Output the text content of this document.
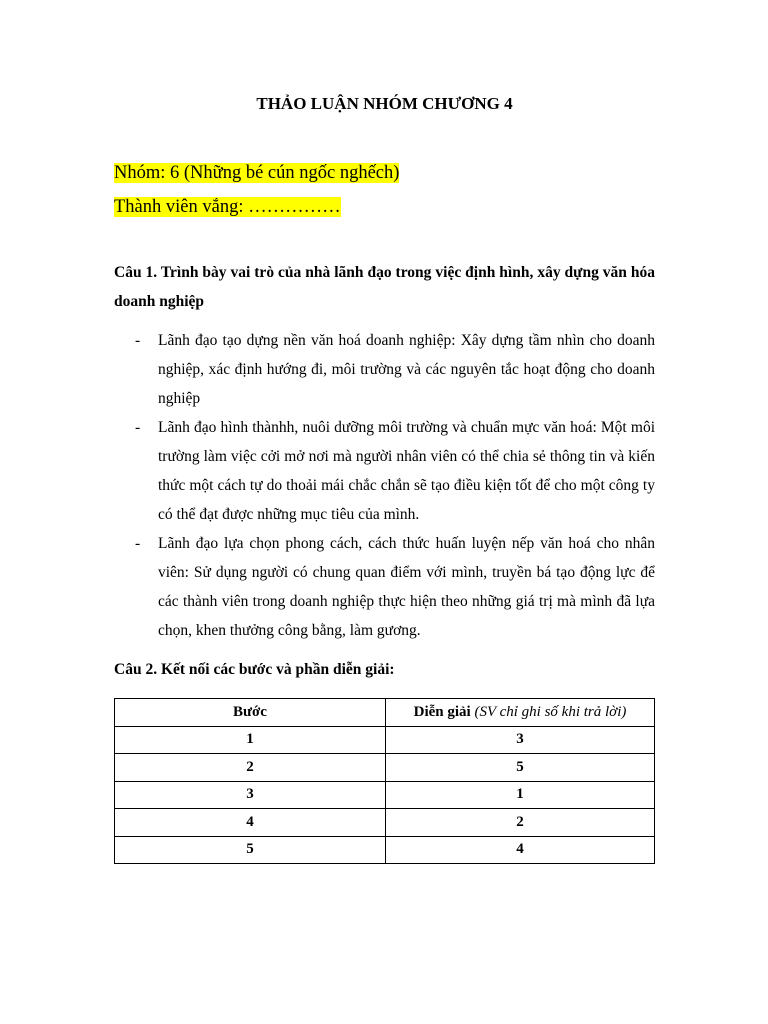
THẢO LUẬN NHÓM CHƯƠNG 4
Nhóm: 6 (Những bé cún ngốc nghếch)
Thành viên vắng: ……………
Câu 1. Trình bày vai trò của nhà lãnh đạo trong việc định hình, xây dựng văn hóa doanh nghiệp
- Lãnh đạo tạo dựng nền văn hoá doanh nghiệp: Xây dựng tầm nhìn cho doanh nghiệp, xác định hướng đi, môi trường và các nguyên tắc hoạt động cho doanh nghiệp
- Lãnh đạo hình thànhh, nuôi dưỡng môi trường và chuẩn mực văn hoá: Một môi trường làm việc cởi mở nơi mà người nhân viên có thể chia sẻ thông tin và kiến thức một cách tự do thoải mái chắc chắn sẽ tạo điều kiện tốt để cho một công ty có thể đạt được những mục tiêu của mình.
- Lãnh đạo lựa chọn phong cách, cách thức huấn luyện nếp văn hoá cho nhân viên: Sử dụng người có chung quan điểm với mình, truyền bá tạo động lực để các thành viên trong doanh nghiệp thực hiện theo những giá trị mà mình đã lựa chọn, khen thưởng công bằng, làm gương.
Câu 2. Kết nối các bước và phần diễn giải:
Bước	Diễn giải (SV chỉ ghi số khi trả lời)
1	3
2	5
3	1
4	2
5	4
